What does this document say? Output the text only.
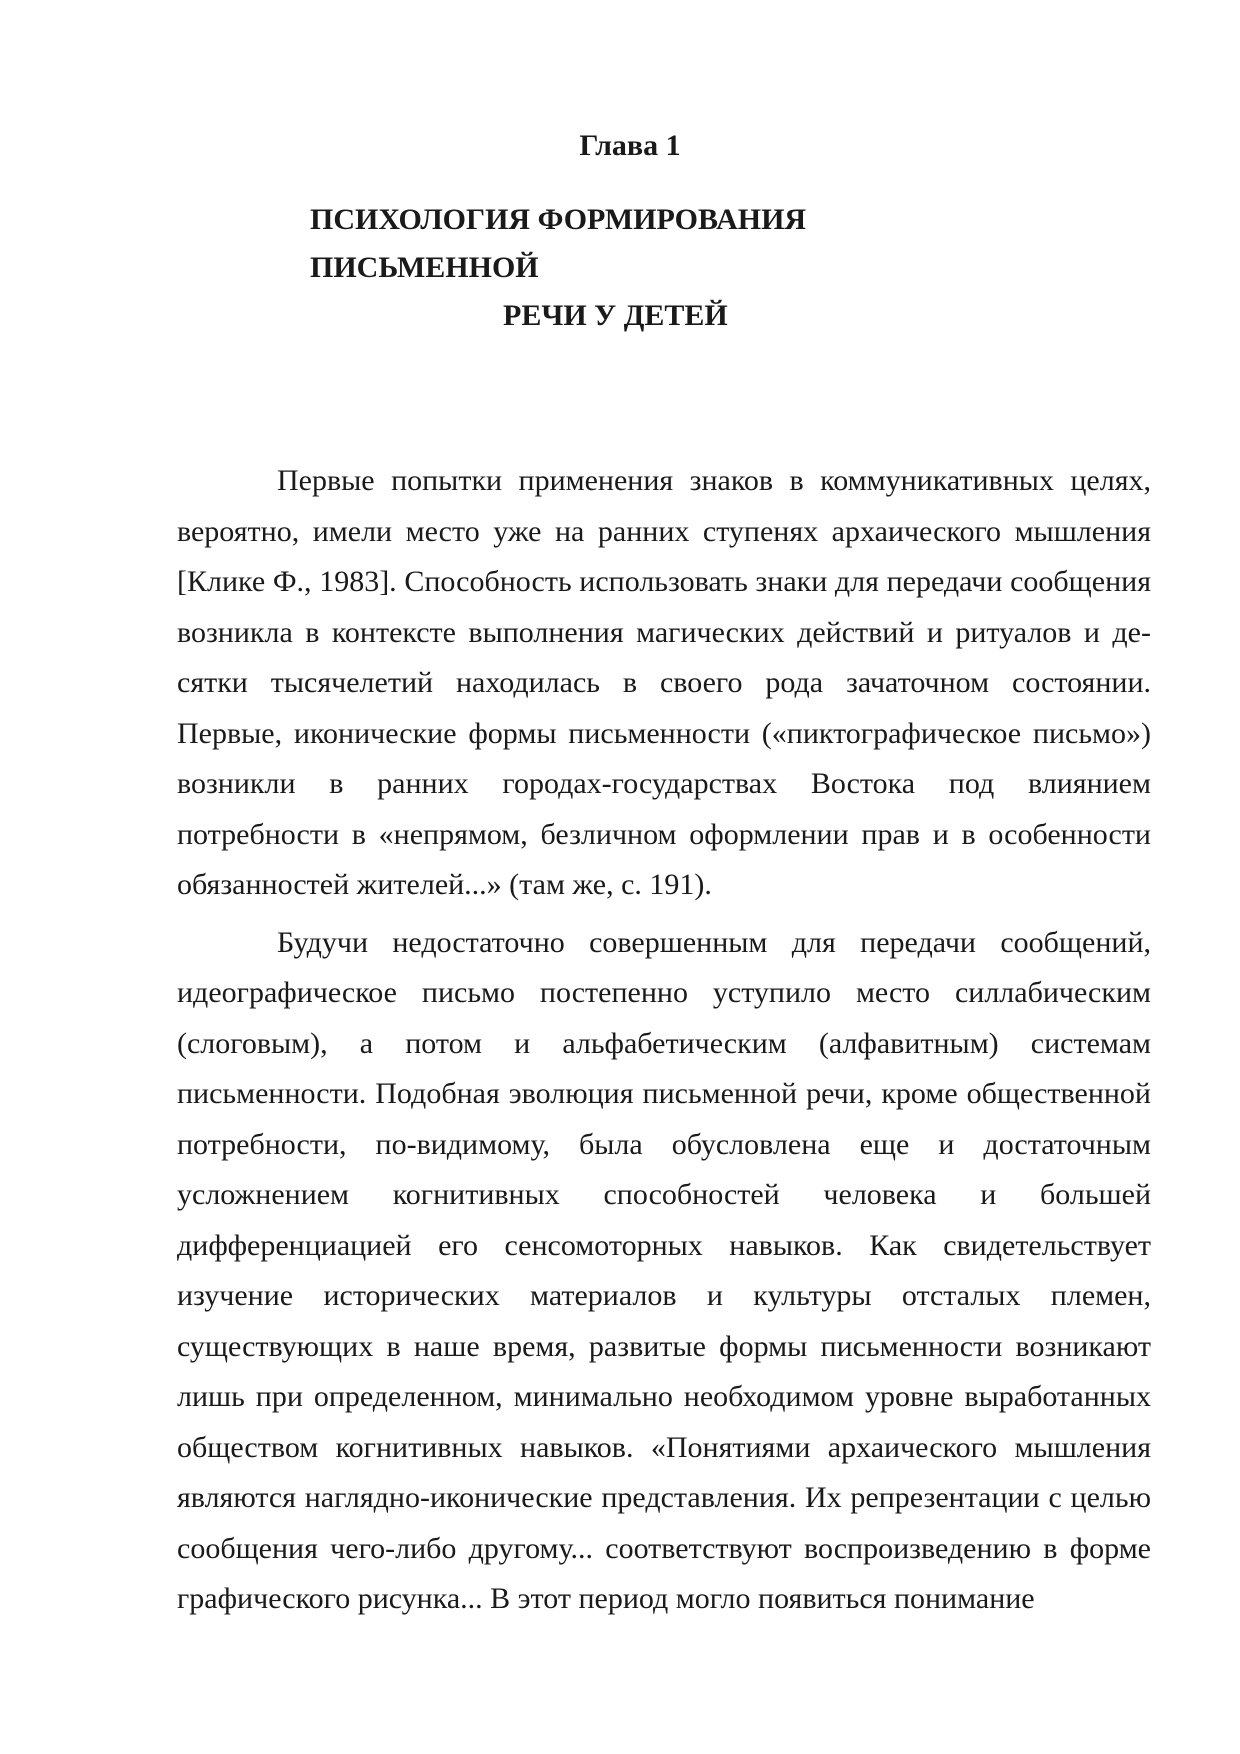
Глава 1
ПСИХОЛОГИЯ ФОРМИРОВАНИЯ ПИСЬМЕННОЙ
РЕЧИ У ДЕТЕЙ

Первые попытки применения знаков в коммуникативных целях, вероятно, имели место уже на ранних ступенях архаического мышления [Клике Ф., 1983]. Способность использовать знаки для передачи сообщения возникла в контексте выполнения магических действий и ритуалов и де-сятки тысячелетий находилась в своего рода зачаточном состоянии. Первые, иконические формы письменности («пиктографическое письмо») возникли в ранних городах-государствах Востока под влиянием потребности в «непрямом, безличном оформлении прав и в особенности обязанностей жителей...» (там же, с. 191).

Будучи недостаточно совершенным для передачи сообщений, идеографическое письмо постепенно уступило место силлабическим (слоговым), а потом и альфабетическим (алфавитным) системам письменности. Подобная эволюция письменной речи, кроме общественной потребности, по-видимому, была обусловлена еще и достаточным усложнением когнитивных способностей человека и большей дифференциацией его сенсомоторных навыков. Как свидетельствует изучение исторических материалов и культуры отсталых племен, существующих в наше время, развитые формы письменности возникают лишь при определенном, минимально необходимом уровне выработанных обществом когнитивных навыков. «Понятиями архаического мышления являются наглядно-иконические представления. Их репрезентации с целью сообщения чего-либо другому... соответствуют воспроизведению в форме графического рисунка... В этот период могло появиться понимание
